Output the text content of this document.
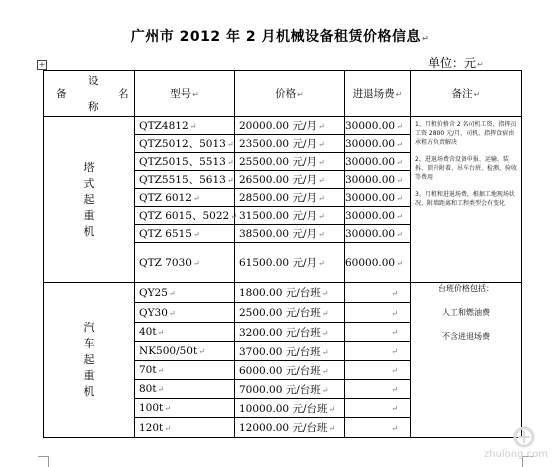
广州市 2012 年 2 月机械设备租赁价格信息↵
单位：元↵
+
设
备 名
称	型号↵	价格↵	进退场费↵	备注↵
塔式起重机	QTZ4812↵	20000.00 元/月↵	30000.00↵	1、月租价格含 2 名司机工资、指挥员工资 2800 元/月，司机、指挥食宿由承租方负责解决

2、进退场费含设备申报、运输、装拆、顶升附着、吊车台班、检测、验收等费用

3、月租和进退场费，根据工地现场状况、附墙距离和工程类型会有变化

	QTZ5012、5013↵	23500.00 元/月↵	30000.00↵	
	QTZ5015、5513↵	25500.00 元/月↵	30000.00↵	
	QTZ5515、5613↵	26500.00 元/月↵	30000.00↵	
	QTZ 6012↵	28500.00 元/月↵	30000.00↵	
	QTZ 6015、5022↵	31500.00 元/月↵	30000.00↵	
	QTZ 6515↵	38500.00 元/月↵	30000.00↵	
	QTZ 7030↵	61500.00 元/月↵	60000.00↵	
汽车起重机	QY25↵	1800.00 元/台班↵	↵	台班价格包括：

人工和燃油费

不含进退场费

	QY30↵	2500.00 元/台班↵	↵	
	40t↵	3200.00 元/台班↵	↵	
	NK500/50t↵	3700.00 元/台班↵	↵	
	70t↵	6000.00 元/台班↵	↵	
	80t↵	7000.00 元/台班↵	↵	
	100t↵	10000.00 元/台班↵	↵	
	120t↵	12000.00 元/台班↵	↵	
zhulong.com
